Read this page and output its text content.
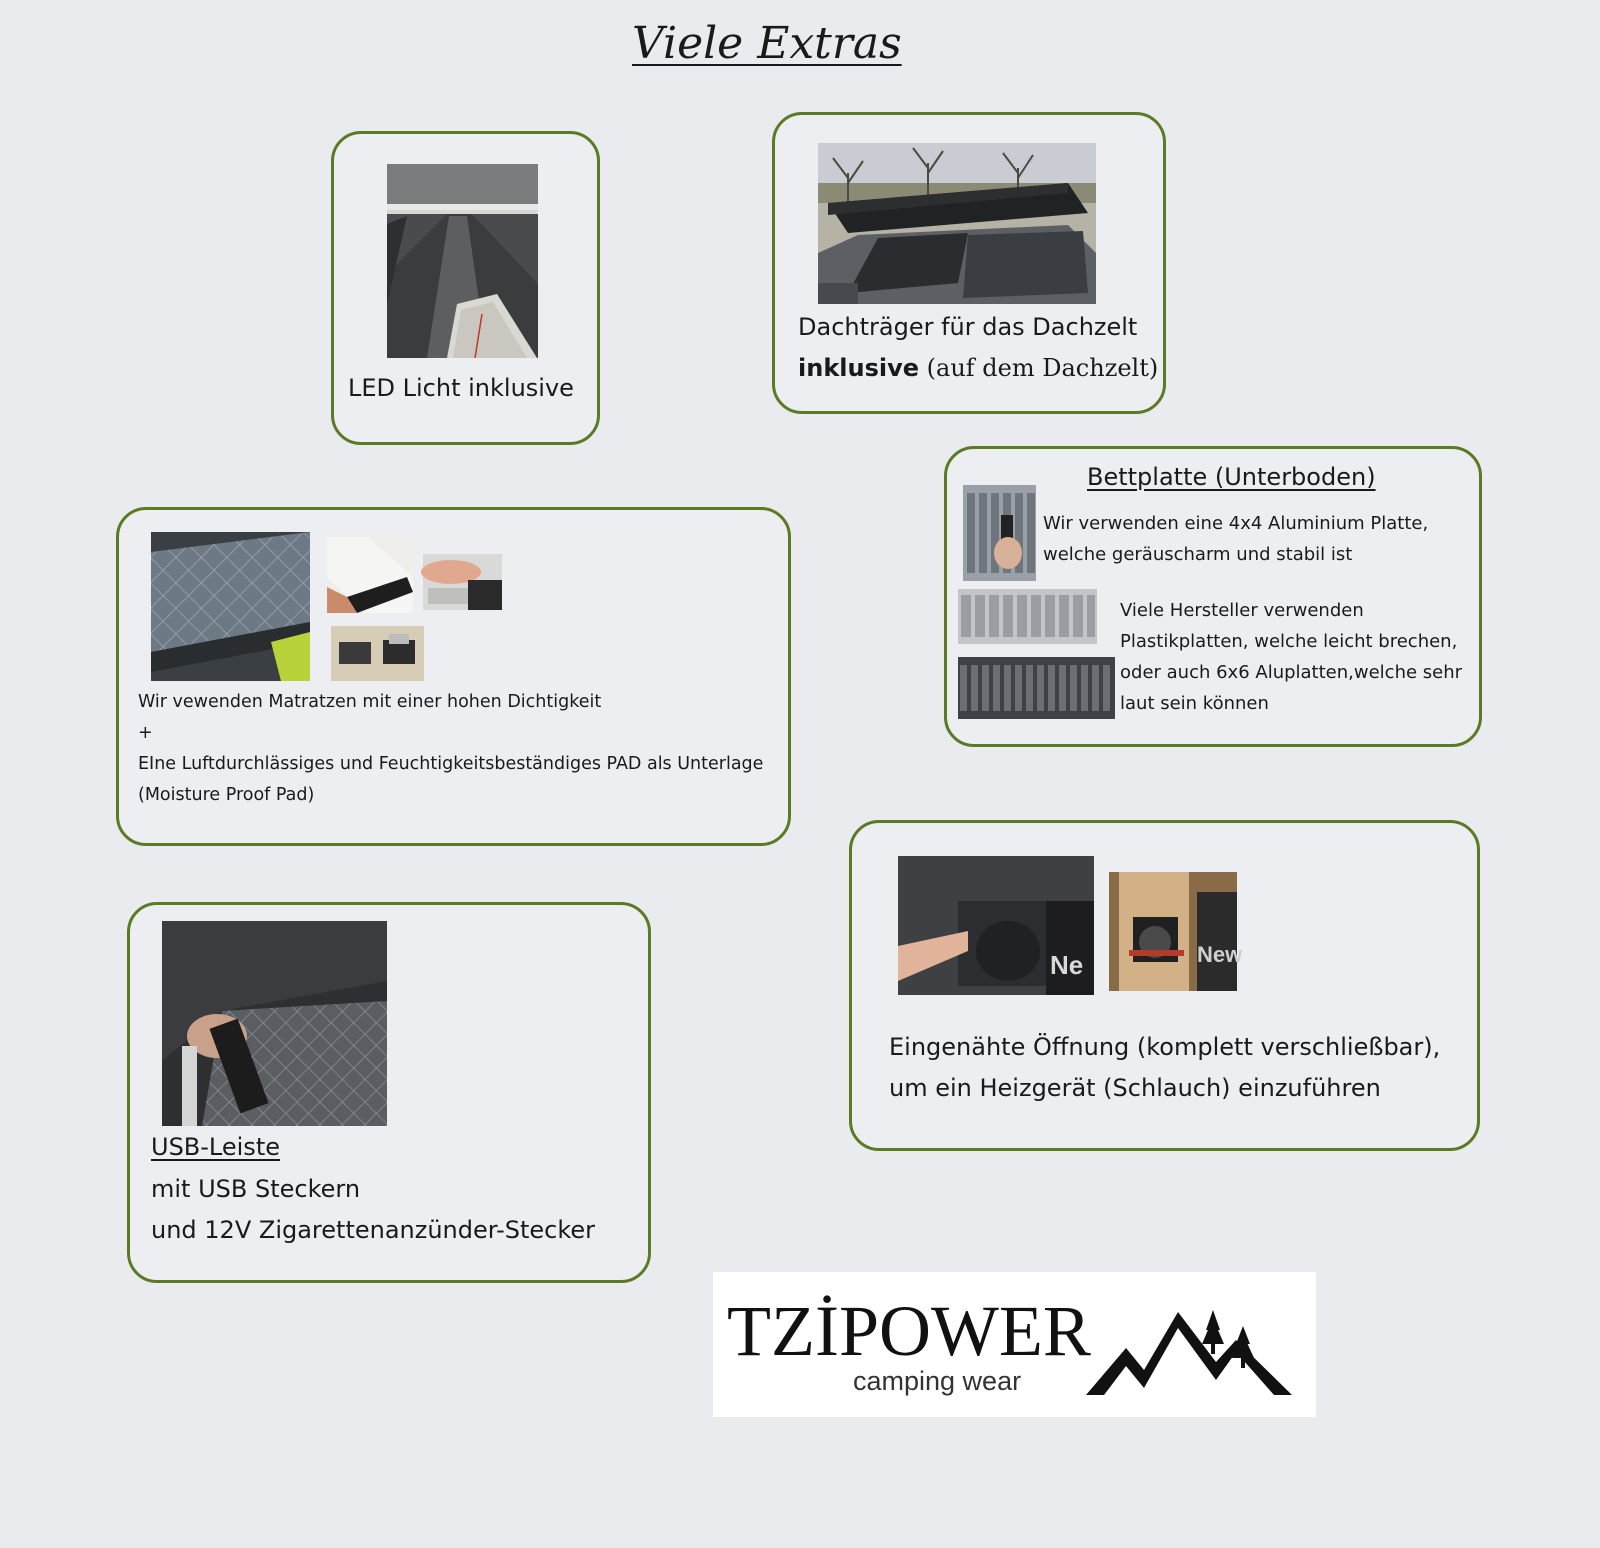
Viele Extras
LED Licht inklusive
Dachträger für das Dachzelt
inklusive (auf dem Dachzelt)
Bettplatte (Unterboden)
Wir verwenden eine 4x4 Aluminium Platte,
welche geräuscharm und stabil ist
Viele Hersteller verwenden
Plastikplatten, welche leicht brechen,
oder auch 6x6 Aluplatten,welche sehr
laut sein können
Wir vewenden Matratzen mit einer hohen Dichtigkeit
+
EIne Luftdurchlässiges und Feuchtigkeitsbeständiges PAD als Unterlage
(Moisture Proof Pad)
USB-Leiste
mit USB Steckern
und 12V Zigarettenanzünder-Stecker
Ne	New
Eingenähte Öffnung (komplett verschließbar),
um ein Heizgerät (Schlauch) einzuführen
TZİPOWER
camping wear
